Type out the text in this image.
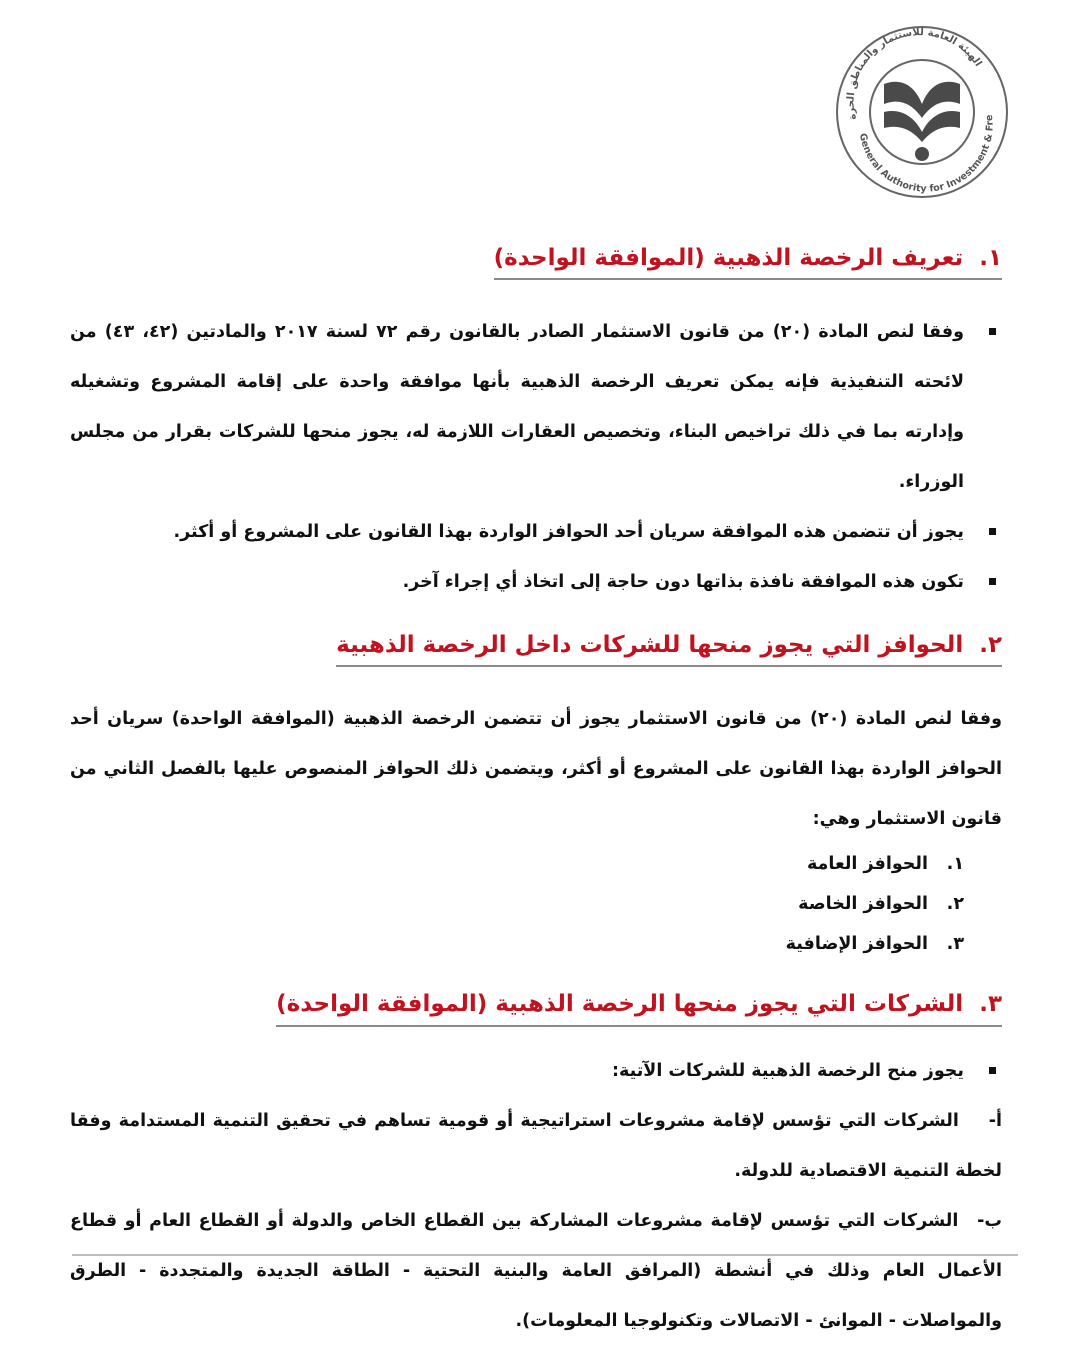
الهيئة العامة للاستثمار والمناطق الحرة
General Authority for Investment & Fre
١.تعريف الرخصة الذهبية (الموافقة الواحدة)
وفقا لنص المادة (٢٠) من قانون الاستثمار الصادر بالقانون رقم ٧٢ لسنة ٢٠١٧ والمادتين (٤٢، ٤٣) من لائحته التنفيذية فإنه يمكن تعريف الرخصة الذهبية بأنها موافقة واحدة على إقامة المشروع وتشغيله وإدارته بما في ذلك تراخيص البناء، وتخصيص العقارات اللازمة له، يجوز منحها للشركات بقرار من مجلس الوزراء.
يجوز أن تتضمن هذه الموافقة سريان أحد الحوافز الواردة بهذا القانون على المشروع أو أكثر.
تكون هذه الموافقة نافذة بذاتها دون حاجة إلى اتخاذ أي إجراء آخر.
٢.الحوافز التي يجوز منحها للشركات داخل الرخصة الذهبية

وفقا لنص المادة (٢٠) من قانون الاستثمار يجوز أن تتضمن الرخصة الذهبية (الموافقة الواحدة) سريان أحد الحوافز الواردة بهذا القانون على المشروع أو أكثر، ويتضمن ذلك الحوافز المنصوص عليها بالفصل الثاني من قانون الاستثمار وهي:

١.الحوافز العامة
٢.الحوافز الخاصة
٣.الحوافز الإضافية
٣.الشركات التي يجوز منحها الرخصة الذهبية (الموافقة الواحدة)
يجوز منح الرخصة الذهبية للشركات الآتية:
أ- الشركات التي تؤسس لإقامة مشروعات استراتيجية أو قومية تساهم في تحقيق التنمية المستدامة وفقا لخطة التنمية الاقتصادية للدولة.
ب- الشركات التي تؤسس لإقامة مشروعات المشاركة بين القطاع الخاص والدولة أو القطاع العام أو قطاع الأعمال العام وذلك في أنشطة (المرافق العامة والبنية التحتية - الطاقة الجديدة والمتجددة - الطرق والمواصلات - الموانئ - الاتصالات وتكنولوجيا المعلومات).
